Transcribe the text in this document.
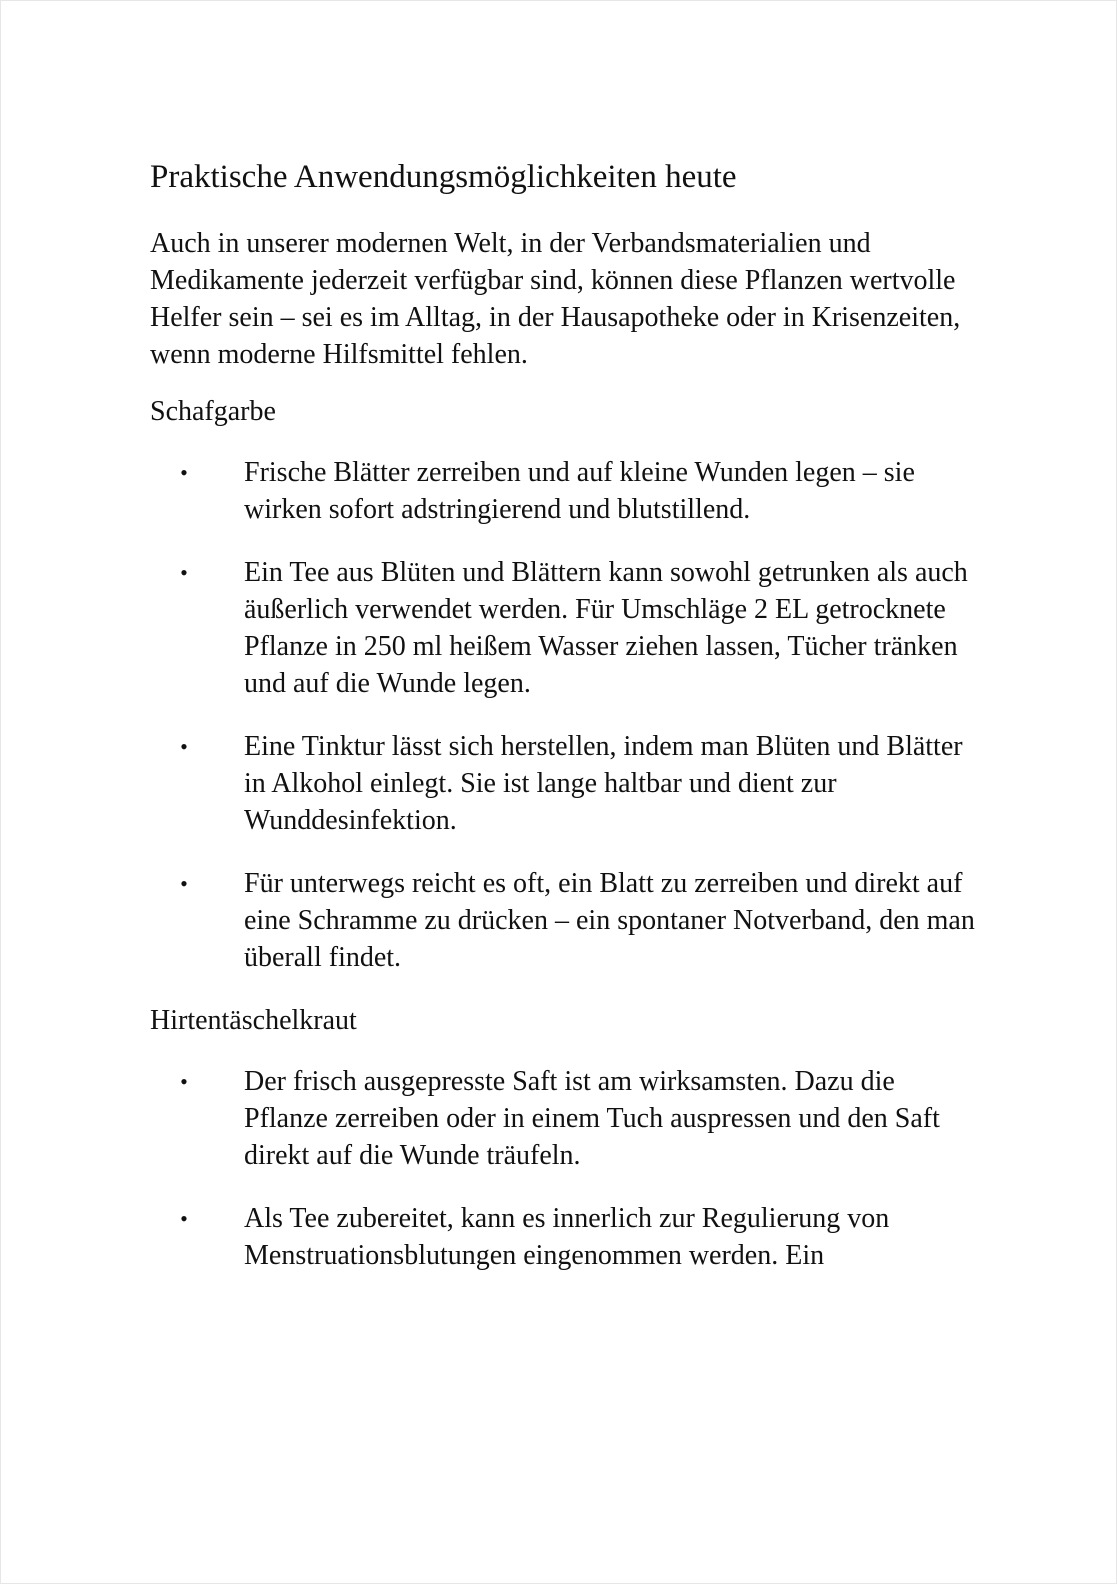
Praktische Anwendungsmöglichkeiten heute

Auch in unserer modernen Welt, in der Verbandsmaterialien und Medikamente jederzeit verfügbar sind, können diese Pflanzen wertvolle Helfer sein – sei es im Alltag, in der Hausapotheke oder in Krisenzeiten, wenn moderne Hilfsmittel fehlen.

Schafgarbe
• Frische Blätter zerreiben und auf kleine Wunden legen – sie wirken sofort adstringierend und blutstillend.
• Ein Tee aus Blüten und Blättern kann sowohl getrunken als auch äußerlich verwendet werden. Für Umschläge 2 EL getrocknete Pflanze in 250 ml heißem Wasser ziehen lassen, Tücher tränken und auf die Wunde legen.
• Eine Tinktur lässt sich herstellen, indem man Blüten und Blätter in Alkohol einlegt. Sie ist lange haltbar und dient zur Wunddesinfektion.
• Für unterwegs reicht es oft, ein Blatt zu zerreiben und direkt auf eine Schramme zu drücken – ein spontaner Notverband, den man überall findet.
Hirtentäschelkraut
• Der frisch ausgepresste Saft ist am wirksamsten. Dazu die Pflanze zerreiben oder in einem Tuch auspressen und den Saft direkt auf die Wunde träufeln.
• Als Tee zubereitet, kann es innerlich zur Regulierung von Menstruationsblutungen eingenommen werden. Ein
